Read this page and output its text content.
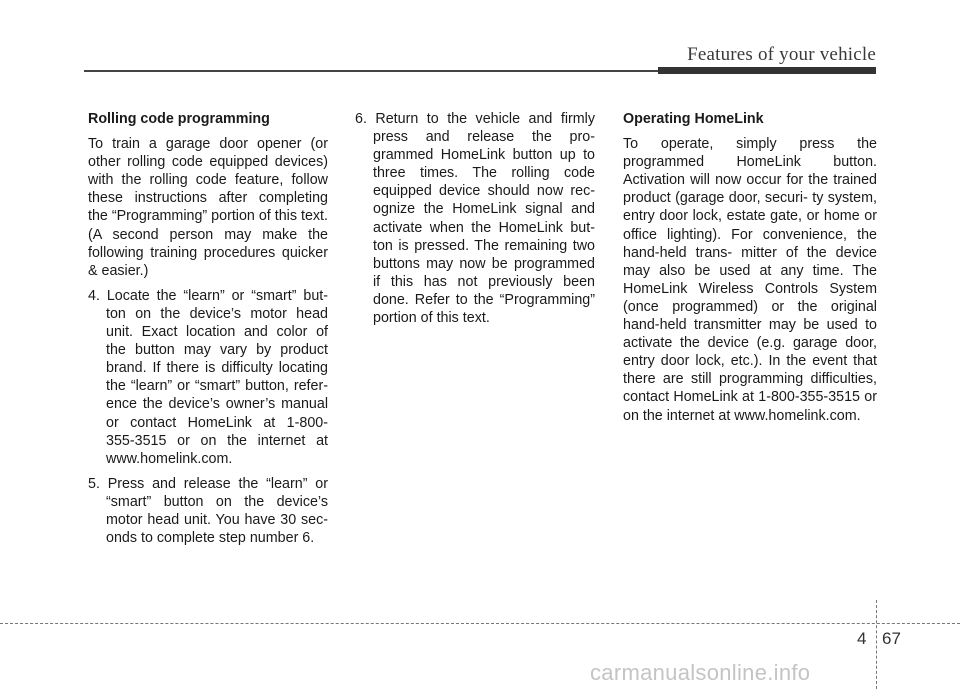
Features of your vehicle
Rolling code programming
To train a garage door opener (or other rolling code equipped devices) with the rolling code feature, follow these instructions after completing the “Programming” portion of this text. (A second person may make the following training procedures quicker & easier.)
4. Locate the “learn” or “smart” but- ton on the device’s motor head unit. Exact location and color of the button may vary by product brand. If there is difficulty locating the “learn” or “smart” button, refer- ence the device’s owner’s manual or contact HomeLink at 1-800- 355-3515 or on the internet at www.homelink.com.
5. Press and release the “learn” or “smart” button on the device’s motor head unit. You have 30 sec- onds to complete step number 6.
6. Return to the vehicle and firmly press and release the pro- grammed HomeLink button up to three times. The rolling code equipped device should now rec- ognize the HomeLink signal and activate when the HomeLink but- ton is pressed. The remaining two buttons may now be programmed if this has not previously been done. Refer to the “Programming” portion of this text.
Operating HomeLink
To operate, simply press the programmed HomeLink button. Activation will now occur for the trained product (garage door, securi- ty system, entry door lock, estate gate, or home or office lighting). For convenience, the hand-held trans- mitter of the device may also be used at any time. The HomeLink Wireless Controls System (once programmed) or the original hand-held transmitter may be used to activate the device (e.g. garage door, entry door lock, etc.). In the event that there are still programming difficulties, contact HomeLink at 1-800-355-3515 or on the internet at www.homelink.com.
4 67
carmanualsonline.info
